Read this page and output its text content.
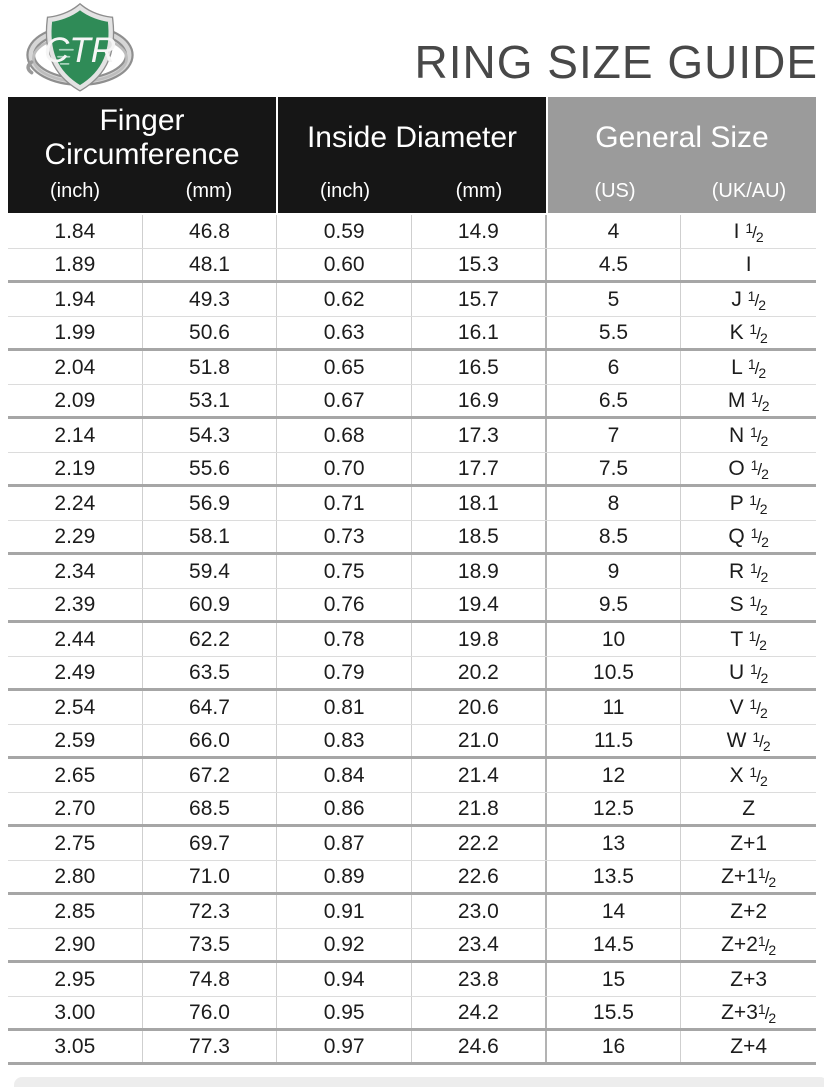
CTR	RING SIZE GUIDE
Finger Circumference
(inch)	(mm)
Inside Diameter
(inch)	(mm)
General Size
(US)	(UK/AU)
1.84	46.8	0.59	14.9	4	I $^1/_2$
1.89	48.1	0.60	15.3	4.5	I
1.94	49.3	0.62	15.7	5	J $^1/_2$
1.99	50.6	0.63	16.1	5.5	K $^1/_2$
2.04	51.8	0.65	16.5	6	L $^1/_2$
2.09	53.1	0.67	16.9	6.5	M $^1/_2$
2.14	54.3	0.68	17.3	7	N $^1/_2$
2.19	55.6	0.70	17.7	7.5	O $^1/_2$
2.24	56.9	0.71	18.1	8	P $^1/_2$
2.29	58.1	0.73	18.5	8.5	Q $^1/_2$
2.34	59.4	0.75	18.9	9	R $^1/_2$
2.39	60.9	0.76	19.4	9.5	S $^1/_2$
2.44	62.2	0.78	19.8	10	T $^1/_2$
2.49	63.5	0.79	20.2	10.5	U $^1/_2$
2.54	64.7	0.81	20.6	11	V $^1/_2$
2.59	66.0	0.83	21.0	11.5	W $^1/_2$
2.65	67.2	0.84	21.4	12	X $^1/_2$
2.70	68.5	0.86	21.8	12.5	Z
2.75	69.7	0.87	22.2	13	Z+1
2.80	71.0	0.89	22.6	13.5	Z+1 $^1/_2$
2.85	72.3	0.91	23.0	14	Z+2
2.90	73.5	0.92	23.4	14.5	Z+2 $^1/_2$
2.95	74.8	0.94	23.8	15	Z+3
3.00	76.0	0.95	24.2	15.5	Z+3 $^1/_2$
3.05	77.3	0.97	24.6	16	Z+4
